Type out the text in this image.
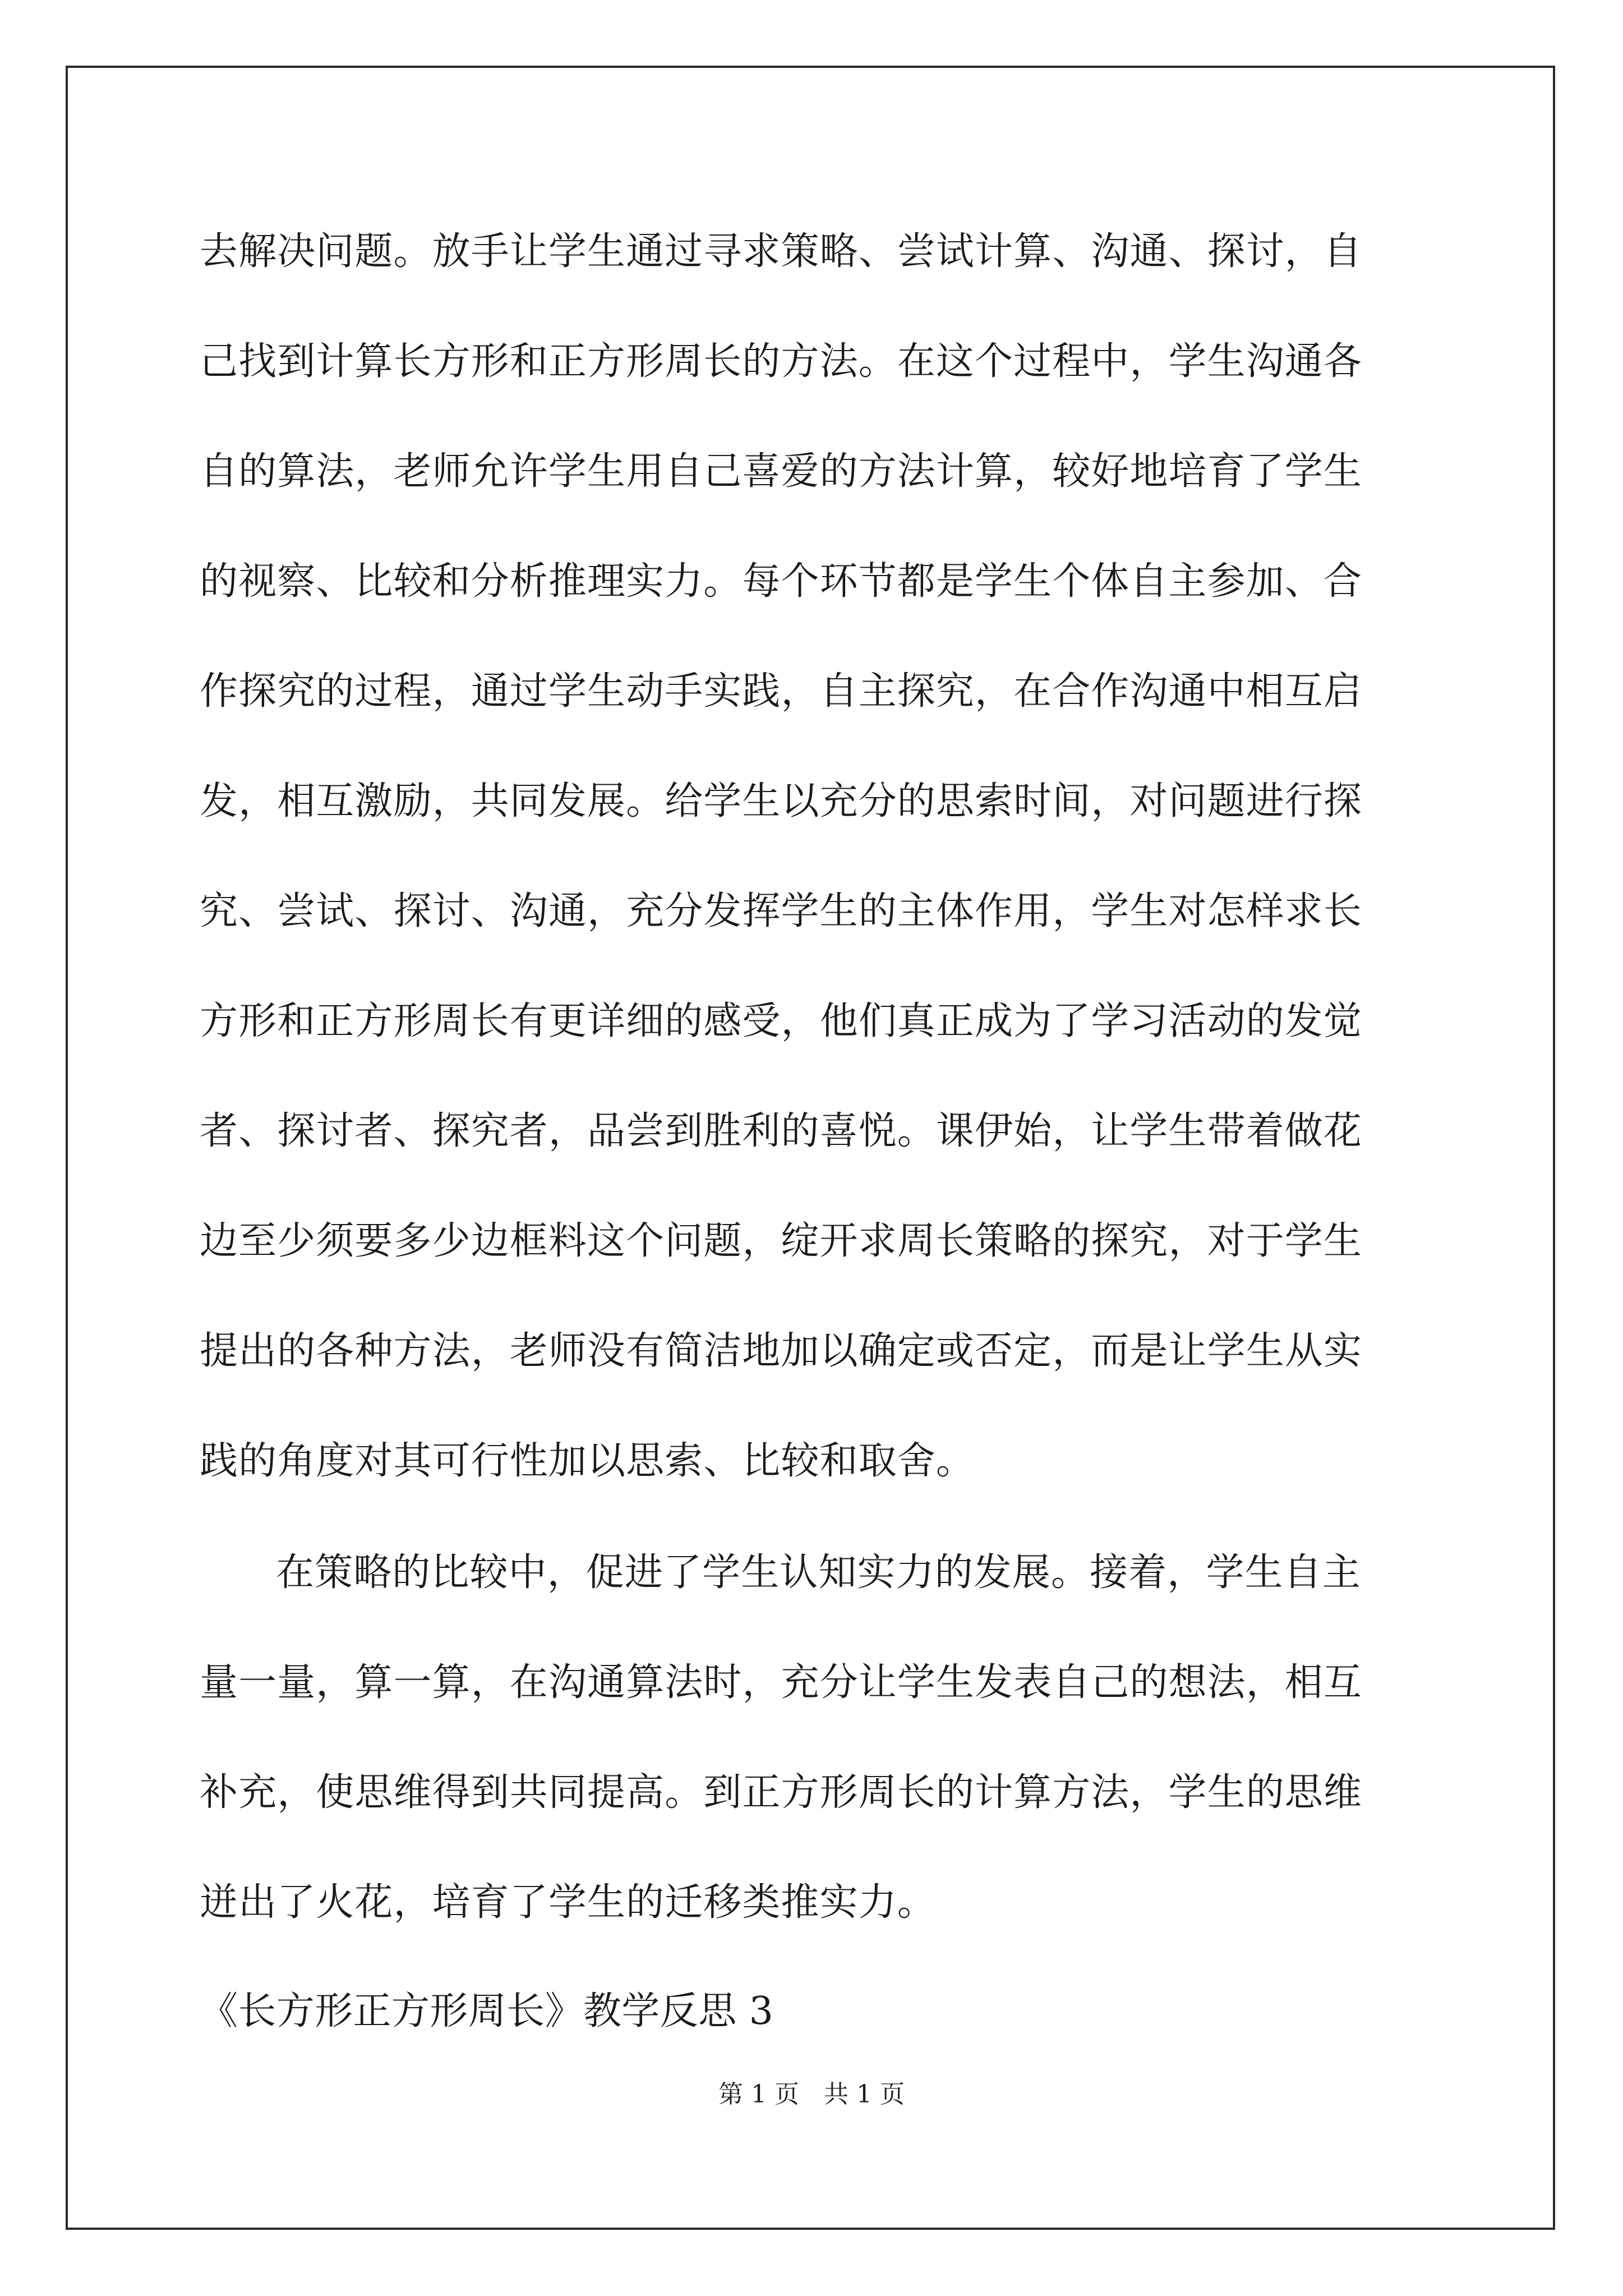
去解决问题。放手让学生通过寻求策略、尝试计算、沟通、探讨，自

己找到计算长方形和正方形周长的方法。在这个过程中，学生沟通各

自的算法，老师允许学生用自己喜爱的方法计算，较好地培育了学生

的视察、比较和分析推理实力。每个环节都是学生个体自主参加、合

作探究的过程，通过学生动手实践，自主探究，在合作沟通中相互启

发，相互激励，共同发展。给学生以充分的思索时间，对问题进行探

究、尝试、探讨、沟通，充分发挥学生的主体作用，学生对怎样求长

方形和正方形周长有更详细的感受，他们真正成为了学习活动的发觉

者、探讨者、探究者，品尝到胜利的喜悦。课伊始，让学生带着做花

边至少须要多少边框料这个问题，绽开求周长策略的探究，对于学生

提出的各种方法，老师没有简洁地加以确定或否定，而是让学生从实

践的角度对其可行性加以思索、比较和取舍。

在策略的比较中，促进了学生认知实力的发展。接着，学生自主

量一量，算一算，在沟通算法时，充分让学生发表自己的想法，相互

补充，使思维得到共同提高。到正方形周长的计算方法，学生的思维

迸出了火花，培育了学生的迁移类推实力。

《长方形正方形周长》教学反思 3

第 1 页　共 1 页
